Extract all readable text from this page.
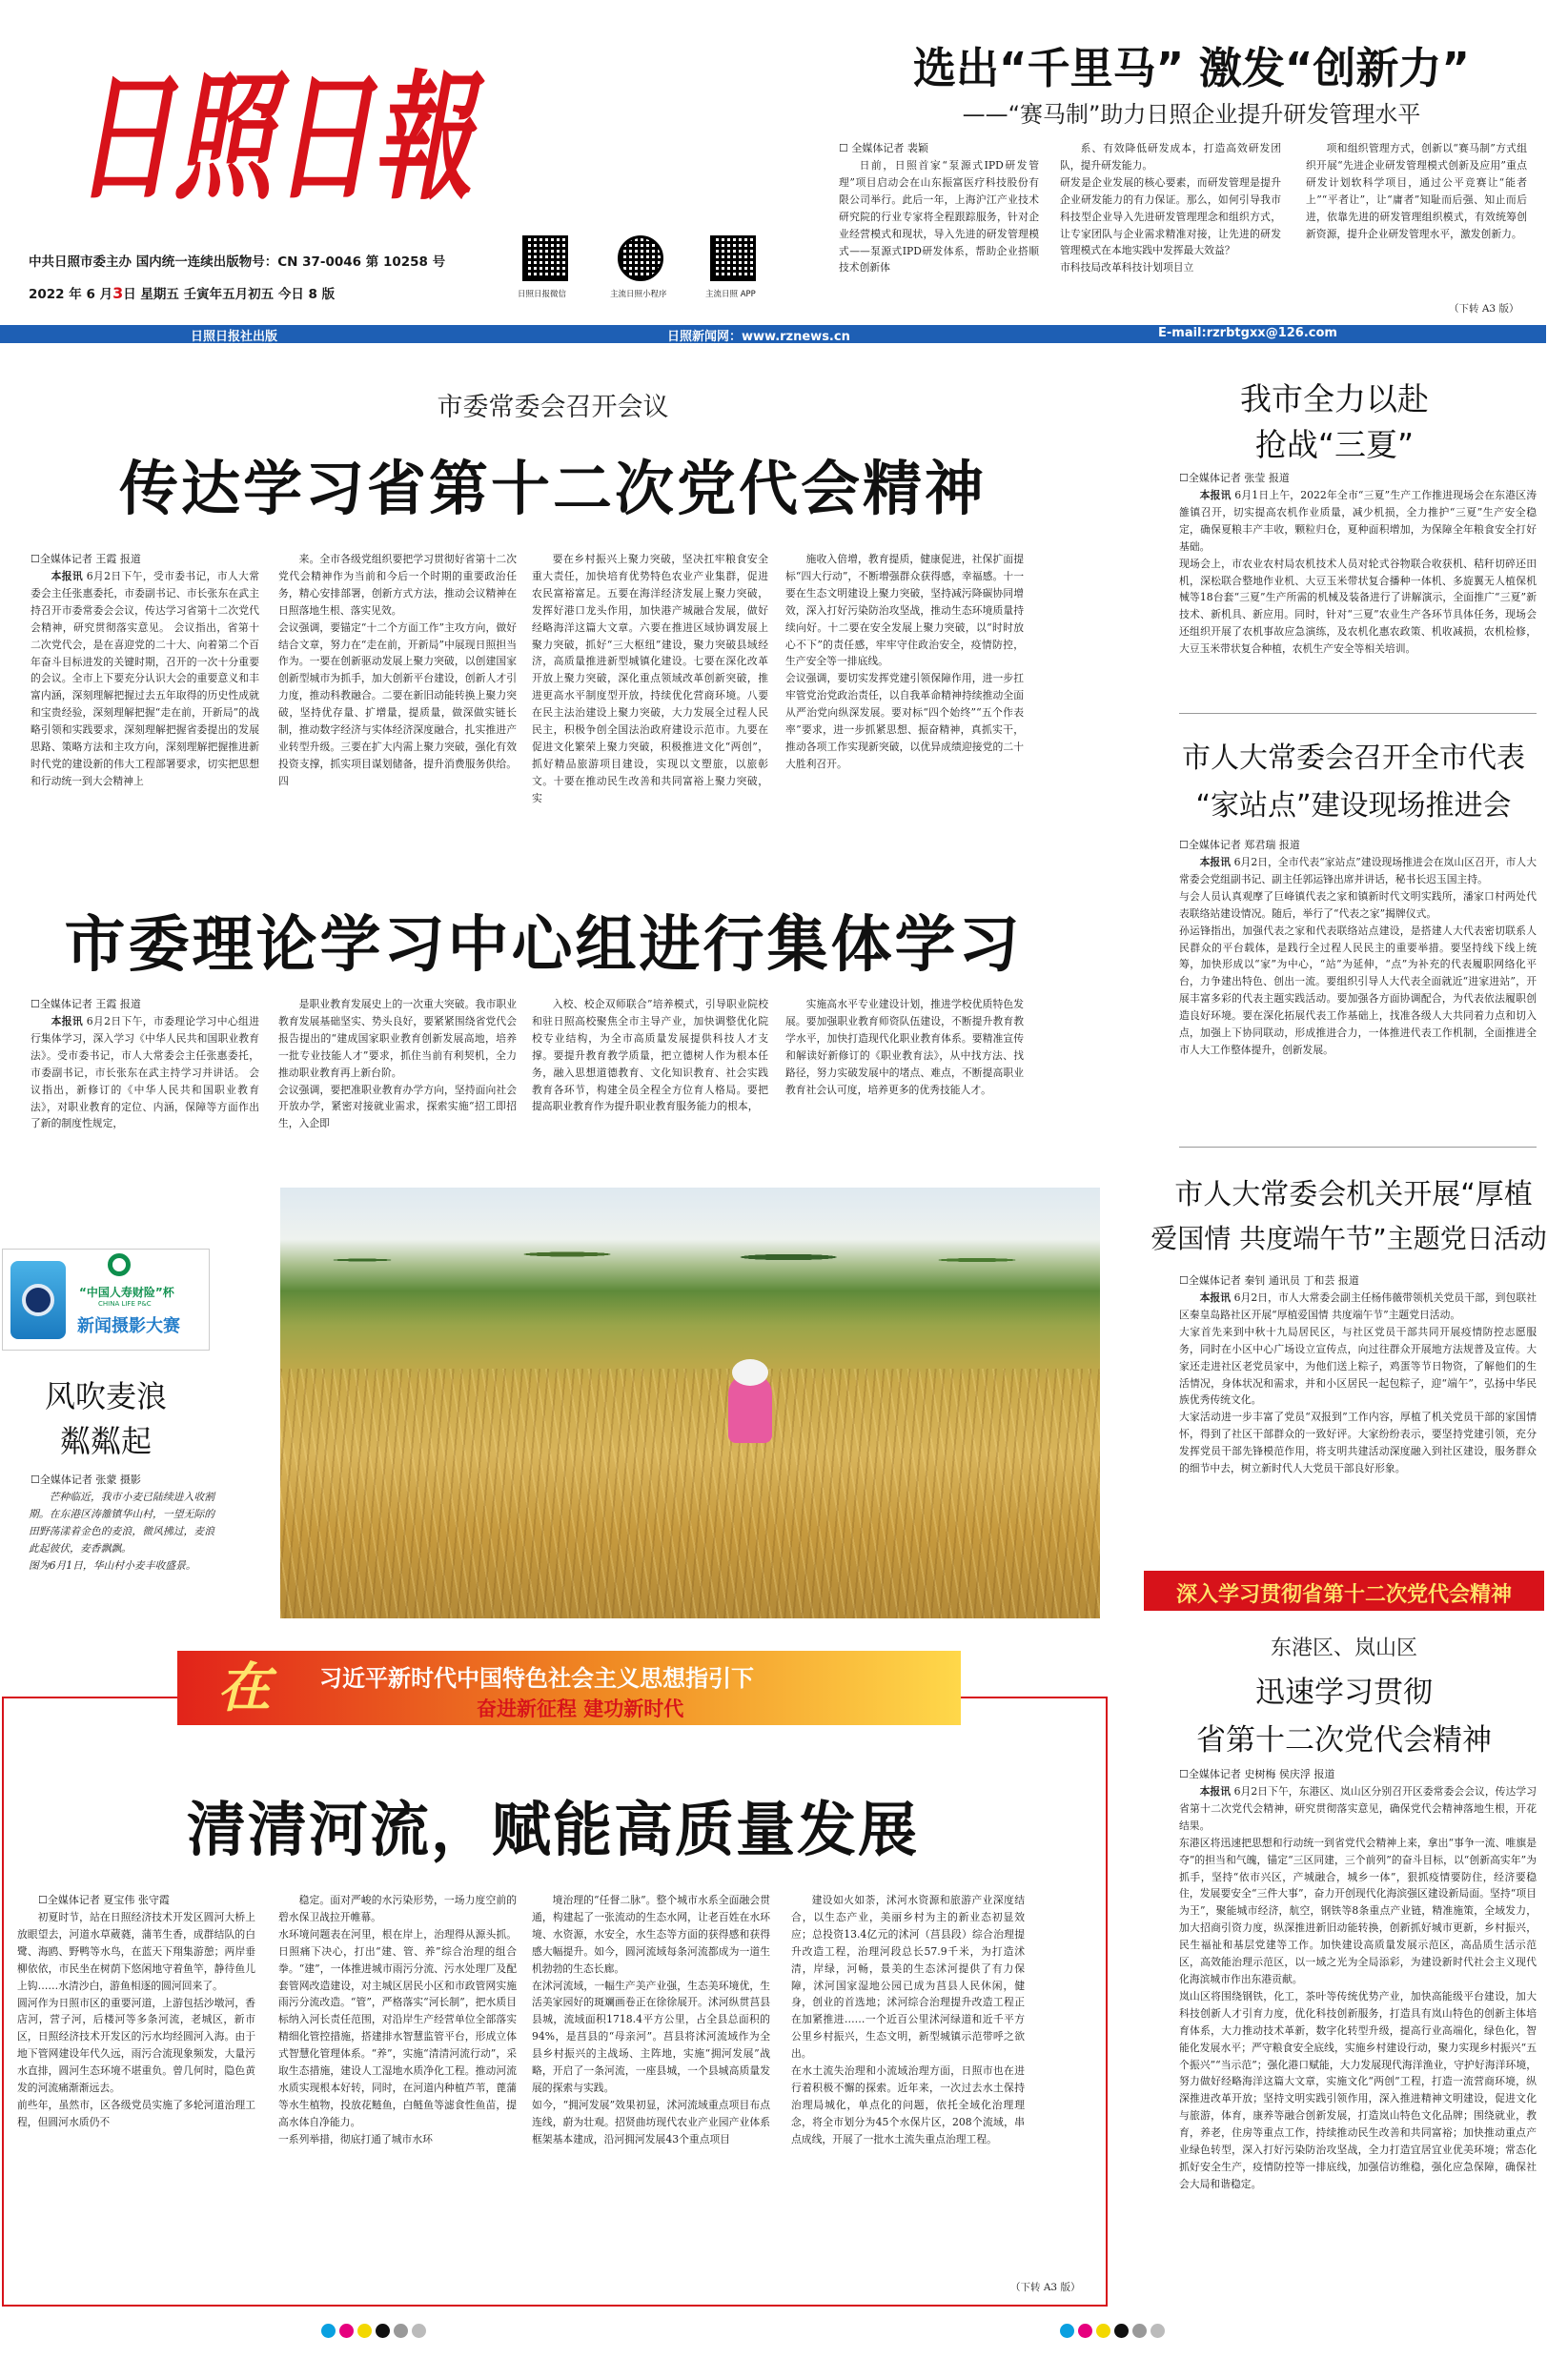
日照日報
中共日照市委主办 国内统一连续出版物号：CN 37-0046 第 10258 号
2022 年 6 月3日 星期五 壬寅年五月初五 今日 8 版	日照日报微信	主流日照小程序	主流日照 APP
选出“千里马” 激发“创新力”
——“赛马制”助力日照企业提升研发管理水平
☐ 全媒体记者 裴颖

日前，日照首家“泵源式IPD研发管理”项目启动会在山东振富医疗科技股份有限公司举行。此后一年，上海沪江产业技术研究院的行业专家将全程跟踪服务，针对企业经营模式和现状，导入先进的研发管理模式——泵源式IPD研发体系，帮助企业搭顺技术创新体

系、有效降低研发成本，打造高效研发团队，提升研发能力。
研发是企业发展的核心要素，而研发管理是提升企业研发能力的有力保证。那么，如何引导我市科技型企业导入先进研发管理理念和组织方式，让专家团队与企业需求精准对接，让先进的研发管理模式在本地实践中发挥最大效益？
市科技局改革科技计划项目立

项和组织管理方式，创新以“赛马制”方式组织开展“先进企业研发管理模式创新及应用”重点研发计划软科学项目，通过公平竞赛让“能者上”“平者让”，让“庸者”知耻而后强、知止而后进，依靠先进的研发管理组织模式，有效统筹创新资源，提升企业研发管理水平，激发创新力。

（下转 A3 版）
日照日报社出版	日照新闻网：www.rznews.cn	E-mail:rzrbtgxx@126.com
市委常委会召开会议
传达学习省第十二次党代会精神
☐全媒体记者 王霞 报道

本报讯 6月2日下午，受市委书记，市人大常委会主任张惠委托，市委副书记、市长张东在武主持召开市委常委会会议，传达学习省第十二次党代会精神，研究贯彻落实意见。 会议指出，省第十二次党代会，是在喜迎党的二十大、向着第二个百年奋斗目标进发的关键时期，召开的一次十分重要的会议。全市上下要充分认识大会的重要意义和丰富内涵，深刻理解把握过去五年取得的历史性成就和宝贵经验，深刻理解把握“走在前，开新局”的战略引领和实践要求，深刻理解把握省委提出的发展思路、策略方法和主攻方向，深刻理解把握推进新时代党的建设新的伟大工程部署要求，切实把思想和行动统一到大会精神上

来。全市各级党组织要把学习贯彻好省第十二次党代会精神作为当前和今后一个时期的重要政治任务，精心安排部署，创新方式方法，推动会议精神在日照落地生根、落实见效。
会议强调，要锚定“十二个方面工作”主攻方向，做好结合文章，努力在“走在前，开新局”中展现日照担当作为。一要在创新驱动发展上聚力突破，以创建国家创新型城市为抓手，加大创新平台建设，创新人才引力度，推动科教融合。二要在新旧动能转换上聚力突破，坚持优存量、扩增量，提质量，做深做实链长制，推动数字经济与实体经济深度融合，扎实推进产业转型升级。三要在扩大内需上聚力突破，强化有效投资支撑，抓实项目谋划储备，提升消费服务供给。四

要在乡村振兴上聚力突破，坚决扛牢粮食安全重大责任，加快培育优势特色农业产业集群，促进农民富裕富足。五要在海洋经济发展上聚力突破，发挥好港口龙头作用，加快港产城融合发展，做好经略海洋这篇大文章。六要在推进区域协调发展上聚力突破，抓好“三大枢纽”建设，聚力突破县域经济，高质量推进新型城镇化建设。七要在深化改革开放上聚力突破，深化重点领域改革创新突破，推进更高水平制度型开放，持续优化营商环境。八要在民主法治建设上聚力突破，大力发展全过程人民民主，积极争创全国法治政府建设示范市。九要在促进文化繁荣上聚力突破，积极推进文化“两创”，抓好精品旅游项目建设，实现以文塑旅，以旅彰文。十要在推动民生改善和共同富裕上聚力突破，实

施收入倍增，教育提质，健康促进，社保扩面提标“四大行动”，不断增强群众获得感，幸福感。十一要在生态文明建设上聚力突破，坚持减污降碳协同增效，深入打好污染防治攻坚战，推动生态环境质量持续向好。十二要在安全发展上聚力突破，以“时时放心不下”的责任感，牢牢守住政治安全，疫情防控，生产安全等一排底线。
会议强调，要切实发挥党建引领保障作用，进一步扛牢管党治党政治责任，以自我革命精神持续推动全面从严治党向纵深发展。要对标“四个始终”“五个作表率”要求，进一步抓紧思想、振奋精神，真抓实干，推动各项工作实现新突破，以优异成绩迎接党的二十大胜利召开。

市委理论学习中心组进行集体学习
☐全媒体记者 王霞 报道

本报讯 6月2日下午，市委理论学习中心组进行集体学习，深入学习《中华人民共和国职业教育法》。受市委书记，市人大常委会主任张惠委托，市委副书记，市长张东在武主持学习并讲话。 会议指出，新修订的《中华人民共和国职业教育法》，对职业教育的定位、内涵，保障等方面作出了新的制度性规定，

是职业教育发展史上的一次重大突破。我市职业教育发展基础坚实、势头良好，要紧紧围绕省党代会报告提出的“建成国家职业教育创新发展高地，培养一批专业技能人才”要求，抓住当前有利契机，全力推动职业教育再上新台阶。
会议强调，要把准职业教育办学方向，坚持面向社会开放办学，紧密对接就业需求，探索实施“招工即招生，入企即

入校、校企双师联合”培养模式，引导职业院校和驻日照高校聚焦全市主导产业，加快调整优化院校专业结构，为全市高质量发展提供科技人才支撑。要提升教育教学质量，把立德树人作为根本任务，融入思想道德教育、文化知识教育、社会实践教育各环节，构建全员全程全方位育人格局。要把提高职业教育作为提升职业教育服务能力的根本，

实施高水平专业建设计划，推进学校优质特色发展。要加强职业教育师资队伍建设，不断提升教育教学水平，加快打造现代化职业教育体系。要精准宣传和解读好新修订的《职业教育法》，从中找方法、找路径，努力实破发展中的堵点、难点，不断提高职业教育社会认可度，培养更多的优秀技能人才。

“中国人寿财险”杯
CHINA LIFE P&C
新闻摄影大赛
风吹麦浪
粼粼起
☐全媒体记者 张蒙 摄影

芒种临近，我市小麦已陆续进入收割期。在东港区涛雒镇华山村，一望无际的田野荡漾着金色的麦浪，微风拂过，麦浪此起彼伏，麦香飘飘。
图为6月1日，华山村小麦丰收盛景。

在 习近平新时代中国特色社会主义思想指引下
奋进新征程 建功新时代
清清河流，赋能高质量发展
☐全媒体记者 夏宝伟 张守霞

初夏时节，站在日照经济技术开发区圆河大桥上放眼望去，河道水草葳蕤，蒲苇生香，成群结队的白鹭、海鸥、野鸭等水鸟，在蓝天下翔集游憩；两岸垂柳依依，市民坐在树荫下悠闲地守着鱼竿，静待鱼儿上钩……水清沙白，游鱼相逐的圆河回来了。
圆河作为日照市区的重要河道，上游包括沙墩河，香店河，营子河，后楼河等多条河流，老城区，新市区，日照经济技术开发区的污水均经圆河入海。由于地下管网建设年代久远，雨污合流现象频发，大量污水直排，圆河生态环境不堪重负。曾几何时，隐色黄发的河流痛渐渐远去。
前些年，虽然市，区各级党员实施了多轮河道治理工程，但圆河水质仍不

稳定。面对严峻的水污染形势，一场力度空前的碧水保卫战拉开帷幕。
水环境问题表在河里，根在岸上，治理得从源头抓。日照痛下决心，打出“建、管、养”综合治理的组合拳。“建”，一体推进城市雨污分流、污水处理厂及配套管网改造建设，对主城区居民小区和市政管网实施雨污分流改造。“管”，严格落实“河长制”，把水质目标纳入河长责任范围，对沿岸生产经营单位全部落实精细化管控措施，搭建排水智慧监管平台，形成立体式智慧化管理体系。“养”，实施“清清河流行动”，采取生态措施，建设人工湿地水质净化工程。推动河流水质实现根本好转，同时，在河道内种植芦苇，蓖蒲等水生植物，投放花鲢鱼，白鲢鱼等滤食性鱼苗，提高水体自净能力。
一系列举措，彻底打通了城市水环

境治理的“任督二脉”。整个城市水系全面融会贯通，构建起了一张流动的生态水网，让老百姓在水环境、水资源，水安全，水生态等方面的获得感和获得感大幅提升。如今，圆河流域每条河流都成为一道生机勃勃的生态长廊。
在沭河流域，一幅生产美产业强，生态美环境优，生活美家园好的斑斓画卷正在徐徐展开。沭河纵贯莒县县城，流域面积1718.4平方公里，占全县总面积的94%，是莒县的“母亲河”。莒县将沭河流域作为全县乡村振兴的主战场、主阵地，实施“拥河发展”战略，开启了一条河流，一座县城，一个县城高质量发展的探索与实践。
如今，“拥河发展”效果初显，沭河流域重点项目布点连线，蔚为壮观。招贤曲坊现代农业产业园产业体系框架基本建成，沿河拥河发展43个重点项目

建设如火如荼，沭河水资源和旅游产业深度结合，以生态产业，美丽乡村为主的新业态初显效应；总投资13.4亿元的沭河（莒县段）综合治理提升改造工程，治理河段总长57.9千米，为打造沭清，岸绿，河畅，景美的生态沭河提供了有力保障，沭河国家湿地公园已成为莒县人民休闲，健身，创业的首选地；沭河综合治理提升改造工程正在加紧推进……一个近百公里沭河绿道和近千平方公里乡村振兴，生态文明，新型城镇示范带呼之欲出。
在水土流失治理和小流域治理方面，日照市也在进行着积极不懈的探索。近年来，一次过去水土保持治理局城化，单点化的问题，依托全域化治理理念，将全市划分为45个水保片区，208个流域，串点成线，开展了一批水土流失重点治理工程。

（下转 A3 版）
我市全力以赴
抢战“三夏”
☐全媒体记者 张莹 报道

本报讯 6月1日上午，2022年全市“三夏”生产工作推进现场会在东港区涛雒镇召开，切实提高农机作业质量，减少机损，全力推护“三夏”生产安全稳定，确保夏粮丰产丰收，颗粒归仓，夏种面积增加，为保障全年粮食安全打好基础。
现场会上，市农业农村局农机技术人员对轮式谷物联合收获机、秸秆切碎还田机，深松联合整地作业机、大豆玉米带状复合播种一体机、多旋翼无人植保机械等18台套“三夏”生产所需的机械及装备进行了讲解演示，全面推广“三夏”新技术、新机具、新应用。同时，针对“三夏”农业生产各环节具体任务，现场会还组织开展了农机事故应急演练，及农机化惠农政策、机收减损，农机检修，大豆玉米带状复合种植，农机生产安全等相关培训。

市人大常委会召开全市代表
“家站点”建设现场推进会
☐全媒体记者 郑君瑞 报道

本报讯 6月2日，全市代表“家站点”建设现场推进会在岚山区召开，市人大常委会党组副书记、副主任郭运锋出席并讲话，秘书长迟玉国主持。
与会人员认真观摩了巨峰镇代表之家和镇新时代文明实践所，潘家口村两处代表联络站建设情况。随后，举行了“代表之家”揭牌仪式。
孙运锋指出，加强代表之家和代表联络站点建设，是搭建人大代表密切联系人民群众的平台载体，是践行全过程人民民主的重要举措。要坚持线下线上统筹，加快形成以“家”为中心，“站”为延伸，“点”为补充的代表履职网络化平台，力争建出特色、创出一流。要组织引导人大代表全面就近“进家进站”，开展丰富多彩的代表主题实践活动。要加强各方面协调配合，为代表依法履职创造良好环境。要在深化拓展代表工作基础上，找准各级人大共同着力点和切入点，加强上下协同联动，形成推进合力，一体推进代表工作机制，全面推进全市人大工作整体提升，创新发展。

市人大常委会机关开展“厚植
爱国情 共度端午节”主题党日活动
☐全媒体记者 秦钊 通讯员 丁和芸 报道

本报讯 6月2日，市人大常委会副主任杨伟薇带领机关党员干部，到包联社区秦皇岛路社区开展“厚植爱国情 共度端午节”主题党日活动。
大家首先来到中秋十九局居民区，与社区党员干部共同开展疫情防控志愿服务，同时在小区中心广场设立宣传点，向过往群众开展地方法规普及宣传。大家还走进社区老党员家中，为他们送上粽子，鸡蛋等节日物资，了解他们的生活情况，身体状况和需求，并和小区居民一起包粽子，迎“端午”，弘扬中华民族优秀传统文化。
大家活动进一步丰富了党员“双报到”工作内容，厚植了机关党员干部的家国情怀，得到了社区干部群众的一致好评。大家纷纷表示，要坚持党建引领，充分发挥党员干部先锋模范作用，将支明共建活动深度融入到社区建设，服务群众的细节中去，树立新时代人大党员干部良好形象。

深入学习贯彻省第十二次党代会精神
东港区、岚山区
迅速学习贯彻
省第十二次党代会精神
☐全媒体记者 史树梅 侯庆浮 报道

本报讯 6月2日下午，东港区、岚山区分别召开区委常委会会议，传达学习省第十二次党代会精神，研究贯彻落实意见，确保党代会精神落地生根，开花结果。
东港区将迅速把思想和行动统一到省党代会精神上来，拿出“事争一流、唯旗是夺”的担当和气魄，锚定“三区同建，三个前列”的奋斗目标，以“创新高实年”为抓手，坚持“依市兴区，产城融合，城乡一体”，狠抓疫情要防住，经济要稳住，发展要安全“三件大事”，奋力开创现代化海滨强区建设新局面。坚持“项目为王”，聚能城市经济，航空，钢铁等8条重点产业链，精准施策，全域发力，加大招商引资力度，纵深推进新旧动能转换，创新抓好城市更新，乡村振兴，民生福祉和基层党建等工作。加快建设高质量发展示范区，高品质生活示范区，高效能治理示范区，以一域之光为全局添彩，为建设新时代社会主义现代化海滨城市作出东港贡献。
岚山区将围绕钢铁，化工，茶叶等传统优势产业，加快高能级平台建设，加大科技创新人才引育力度，优化科技创新服务，打造具有岚山特色的创新主体培育体系，大力推动技术革新，数字化转型升级，提高行业高端化，绿色化，智能化发展水平；严守粮食安全底线，实施乡村建设行动，聚力实现乡村振兴“五个振兴”“当示范”；强化港口赋能，大力发展现代海洋渔业，守护好海洋环境，努力做好经略海洋这篇大文章，实施文化“两创”工程，打造一流营商环境，纵深推进改革开放；坚持文明实践引领作用，深入推进精神文明建设，促进文化与旅游，体育，康养等融合创新发展，打造岚山特色文化品牌；围绕就业，教育，养老，住房等重点工作，持续推动民生改善和共同富裕；加快推动重点产业绿色转型，深入打好污染防治攻坚战，全力打造宜居宜业优美环境；常态化抓好安全生产，疫情防控等一排底线，加强信访维稳，强化应急保障，确保社会大局和谐稳定。
